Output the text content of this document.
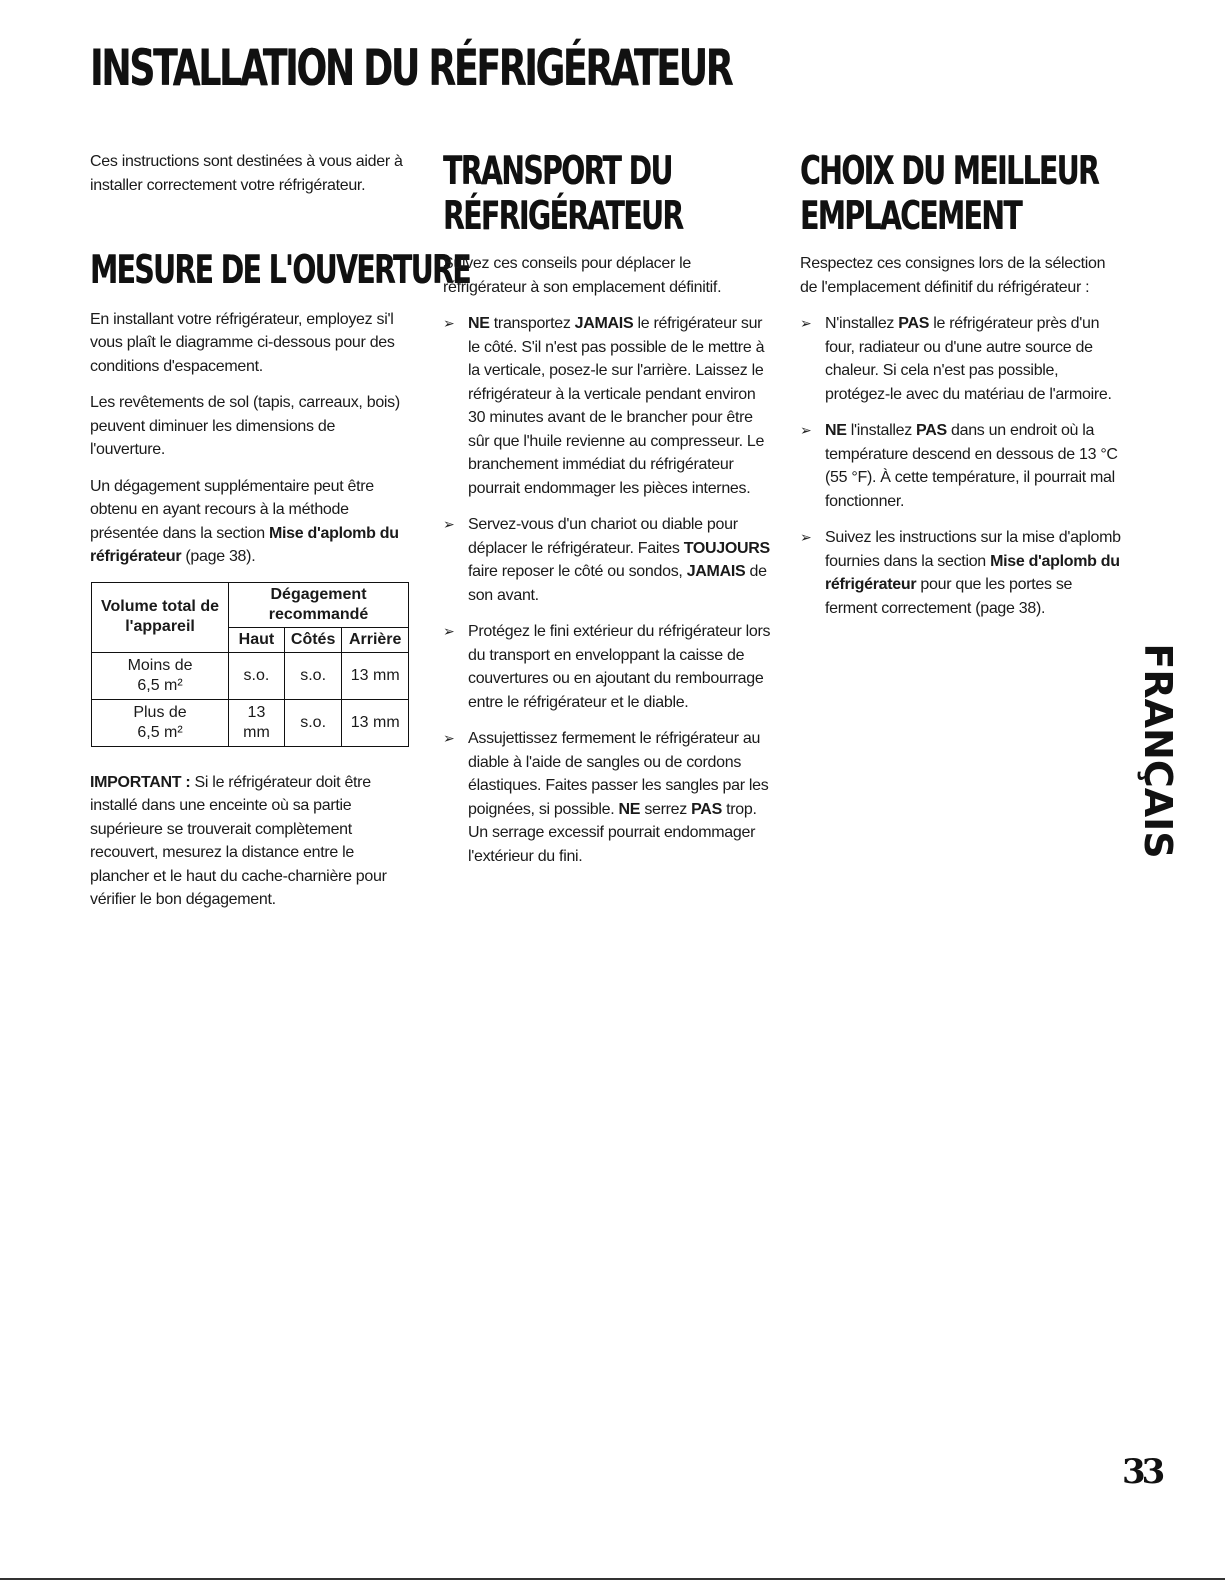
INSTALLATION DU RÉFRIGÉRATEUR

Ces instructions sont destinées à vous aider à installer correctement votre réfrigérateur.

MESURE DE L'OUVERTURE

En installant votre réfrigérateur, employez si'l vous plaît le diagramme ci-dessous pour des conditions d'espacement.

Les revêtements de sol (tapis, carreaux, bois) peuvent diminuer les dimensions de l'ouverture.

Un dégagement supplémentaire peut être obtenu en ayant recours à la méthode présentée dans la section Mise d'aplomb du réfrigérateur (page 38).

Volume total de l'appareil	Dégagement recommandé		
	Haut	Côtés	Arrière
Moins de
6,5 m²	s.o.	s.o.	13 mm
Plus de
6,5 m²	13 mm	s.o.	13 mm

IMPORTANT : Si le réfrigérateur doit être installé dans une enceinte où sa partie supérieure se trouverait complètement recouvert, mesurez la distance entre le plancher et le haut du cache-charnière pour vérifier le bon dégagement.

TRANSPORT DU
RÉFRIGÉRATEUR

Suivez ces conseils pour déplacer le réfrigérateur à son emplacement définitif.

➢ NE transportez JAMAIS le réfrigérateur sur le côté. S'il n'est pas possible de le mettre à la verticale, posez-le sur l'arrière. Laissez le réfrigérateur à la verticale pendant environ 30 minutes avant de le brancher pour être sûr que l'huile revienne au compresseur. Le branchement immédiat du réfrigérateur pourrait endommager les pièces internes.
➢ Servez-vous d'un chariot ou diable pour déplacer le réfrigérateur. Faites TOUJOURS faire reposer le côté ou sondos, JAMAIS de son avant.
➢ Protégez le fini extérieur du réfrigérateur lors du transport en enveloppant la caisse de couvertures ou en ajoutant du rembourrage entre le réfrigérateur et le diable.
➢ Assujettissez fermement le réfrigérateur au diable à l'aide de sangles ou de cordons élastiques. Faites passer les sangles par les poignées, si possible. NE serrez PAS trop. Un serrage excessif pourrait endommager l'extérieur du fini.
CHOIX DU MEILLEUR
EMPLACEMENT

Respectez ces consignes lors de la sélection de l'emplacement définitif du réfrigérateur :

➢ N'installez PAS le réfrigérateur près d'un four, radiateur ou d'une autre source de chaleur. Si cela n'est pas possible, protégez-le avec du matériau de l'armoire.
➢ NE l'installez PAS dans un endroit où la température descend en dessous de 13 °C (55 °F). À cette température, il pourrait mal fonctionner.
➢ Suivez les instructions sur la mise d'aplomb fournies dans la section Mise d'aplomb du réfrigérateur pour que les portes se ferment correctement (page 38).
FRANÇAIS
33
